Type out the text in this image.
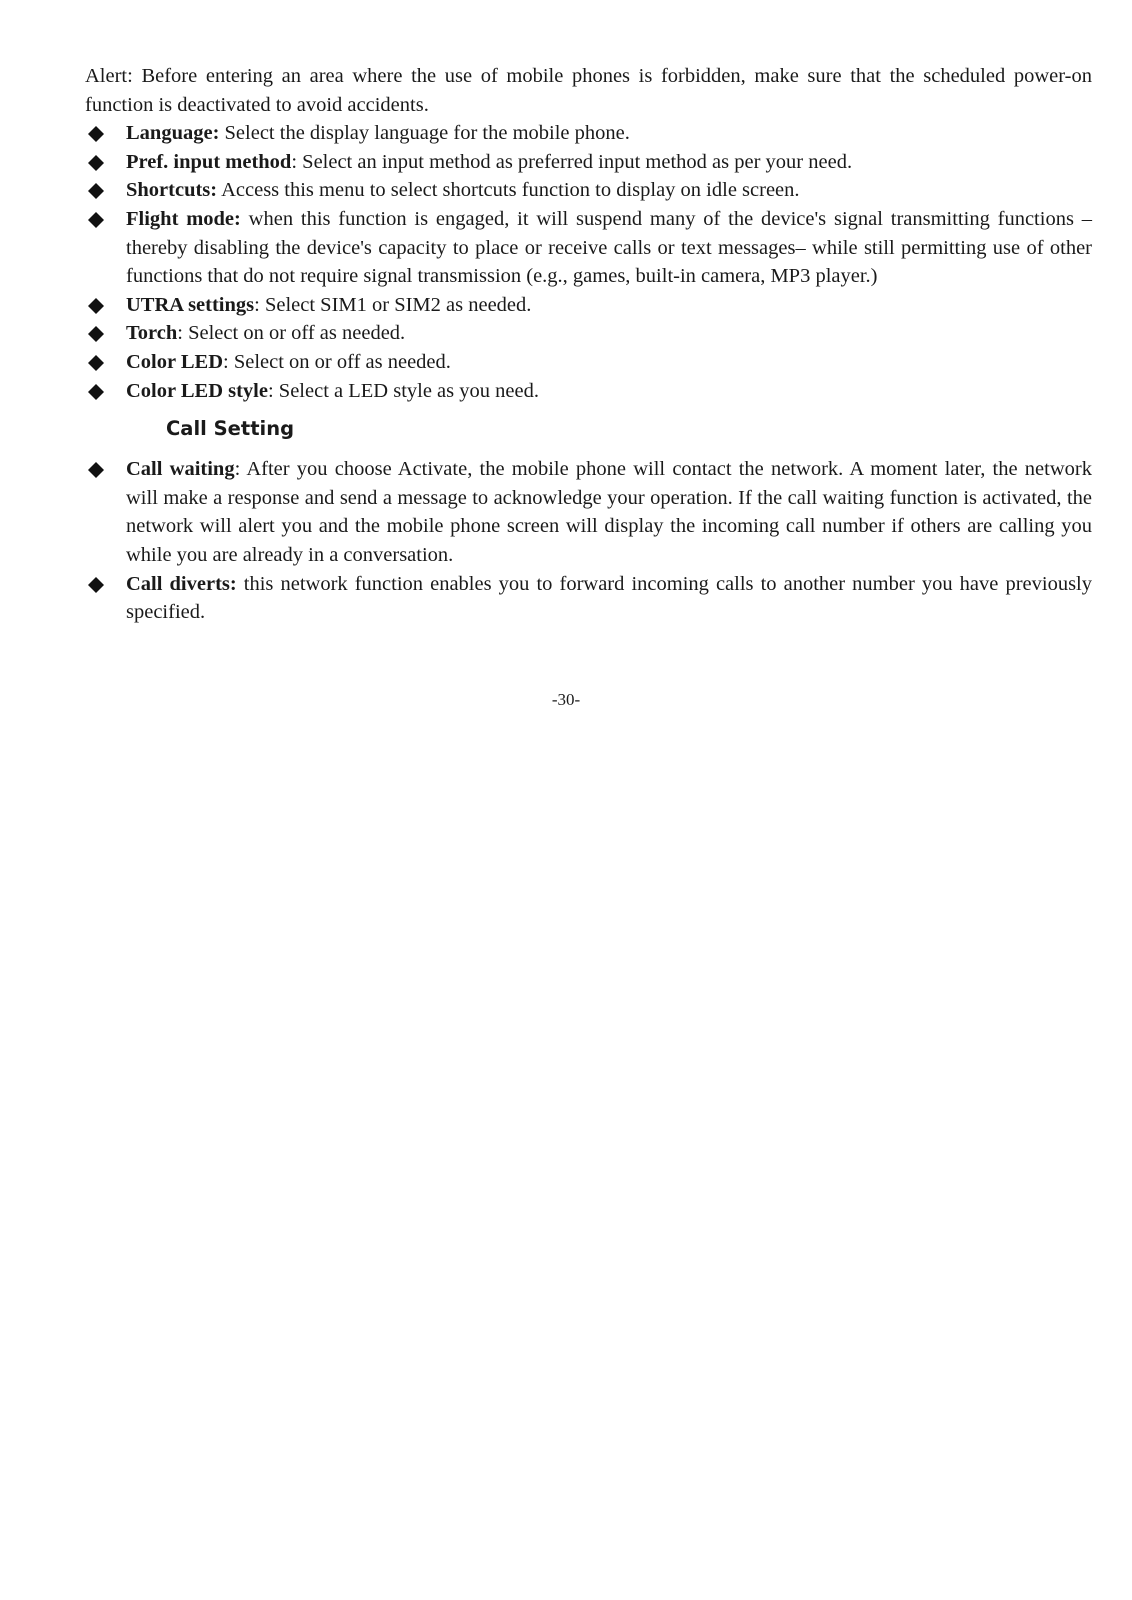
Alert: Before entering an area where the use of mobile phones is forbidden, make sure that the scheduled power-on function is deactivated to avoid accidents.

Language: Select the display language for the mobile phone.
Pref. input method: Select an input method as preferred input method as per your need.
Shortcuts: Access this menu to select shortcuts function to display on idle screen.
Flight mode: when this function is engaged, it will suspend many of the device's signal transmitting functions – thereby disabling the device's capacity to place or receive calls or text messages– while still permitting use of other functions that do not require signal transmission (e.g., games, built-in camera, MP3 player.)
UTRA settings: Select SIM1 or SIM2 as needed.
Torch: Select on or off as needed.
Color LED: Select on or off as needed.
Color LED style: Select a LED style as you need.
Call Setting
Call waiting: After you choose Activate, the mobile phone will contact the network. A moment later, the network will make a response and send a message to acknowledge your operation. If the call waiting function is activated, the network will alert you and the mobile phone screen will display the incoming call number if others are calling you while you are already in a conversation.
Call diverts: this network function enables you to forward incoming calls to another number you have previously specified.
-30-
